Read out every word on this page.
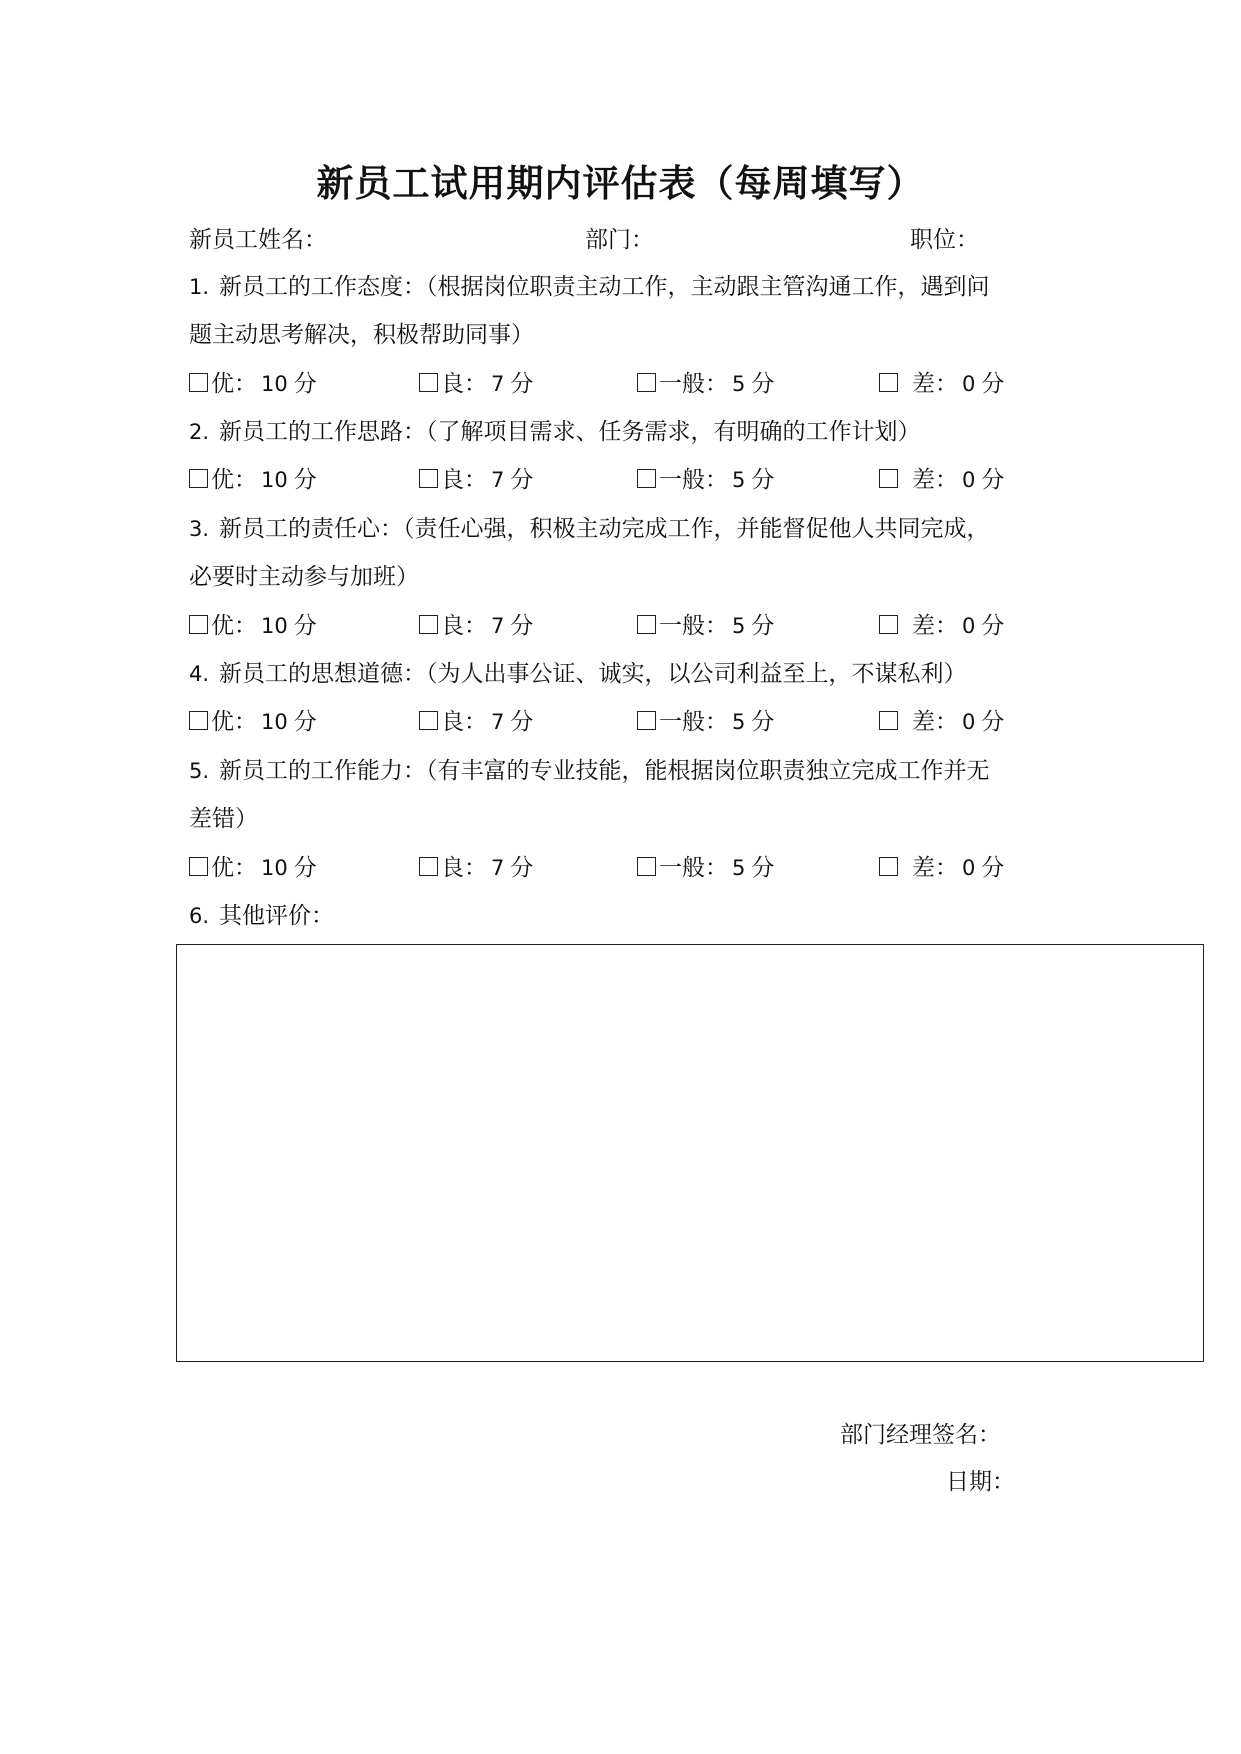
新员工试用期内评估表（每周填写）
新员工姓名：	部门：	职位：
1. 新员工的工作态度：（根据岗位职责主动工作，主动跟主管沟通工作，遇到问
题主动思考解决，积极帮助同事）
优： 10 分	良： 7 分	一般： 5 分	差： 0 分
2. 新员工的工作思路：（了解项目需求、任务需求，有明确的工作计划）
优： 10 分	良： 7 分	一般： 5 分	差： 0 分
3. 新员工的责任心：（责任心强，积极主动完成工作，并能督促他人共同完成，
必要时主动参与加班）
优： 10 分	良： 7 分	一般： 5 分	差： 0 分
4. 新员工的思想道德：（为人出事公证、诚实，以公司利益至上，不谋私利）
优： 10 分	良： 7 分	一般： 5 分	差： 0 分
5. 新员工的工作能力：（有丰富的专业技能，能根据岗位职责独立完成工作并无
差错）
优： 10 分	良： 7 分	一般： 5 分	差： 0 分
6. 其他评价：
部门经理签名：
日期：
